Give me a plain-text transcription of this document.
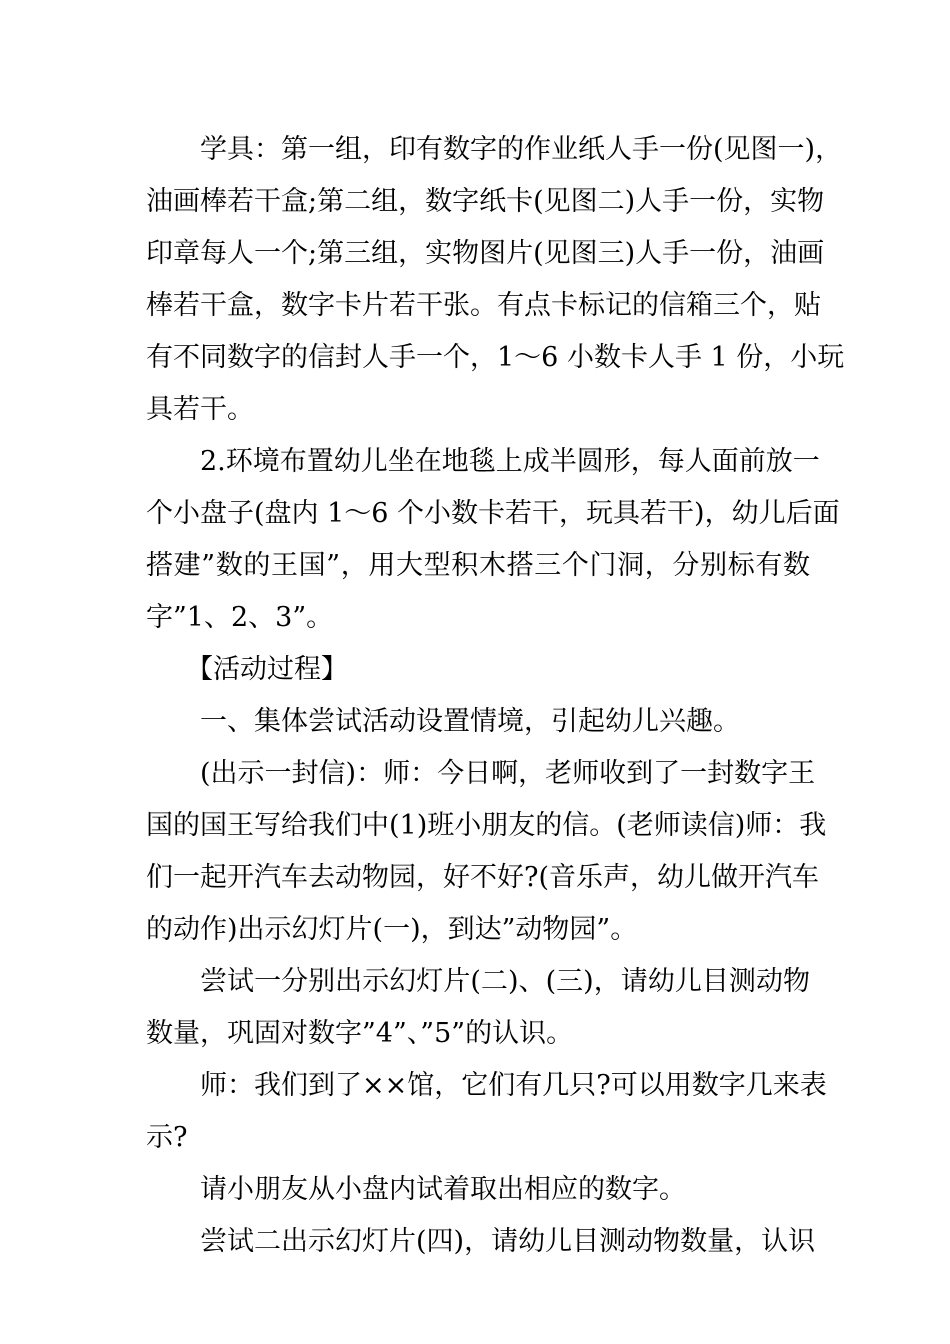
学具：第一组，印有数字的作业纸人手一份(见图一)，
油画棒若干盒;第二组，数字纸卡(见图二)人手一份，实物
印章每人一个;第三组，实物图片(见图三)人手一份，油画
棒若干盒，数字卡片若干张。有点卡标记的信箱三个，贴
有不同数字的信封人手一个，1～6 小数卡人手 1 份，小玩
具若干。
2.环境布置幼儿坐在地毯上成半圆形，每人面前放一
个小盘子(盘内 1～6 个小数卡若干，玩具若干)，幼儿后面
搭建”数的王国”，用大型积木搭三个门洞，分别标有数
字”1、2、3”。
【活动过程】
一、集体尝试活动设置情境，引起幼儿兴趣。
(出示一封信)：师：今日啊，老师收到了一封数字王
国的国王写给我们中(1)班小朋友的信。(老师读信)师：我
们一起开汽车去动物园，好不好?(音乐声，幼儿做开汽车
的动作)出示幻灯片(一)，到达”动物园”。
尝试一分别出示幻灯片(二)、(三)，请幼儿目测动物
数量，巩固对数字”4”、”5”的认识。
师：我们到了××馆，它们有几只?可以用数字几来表
示?
请小朋友从小盘内试着取出相应的数字。
尝试二出示幻灯片(四)，请幼儿目测动物数量，认识
